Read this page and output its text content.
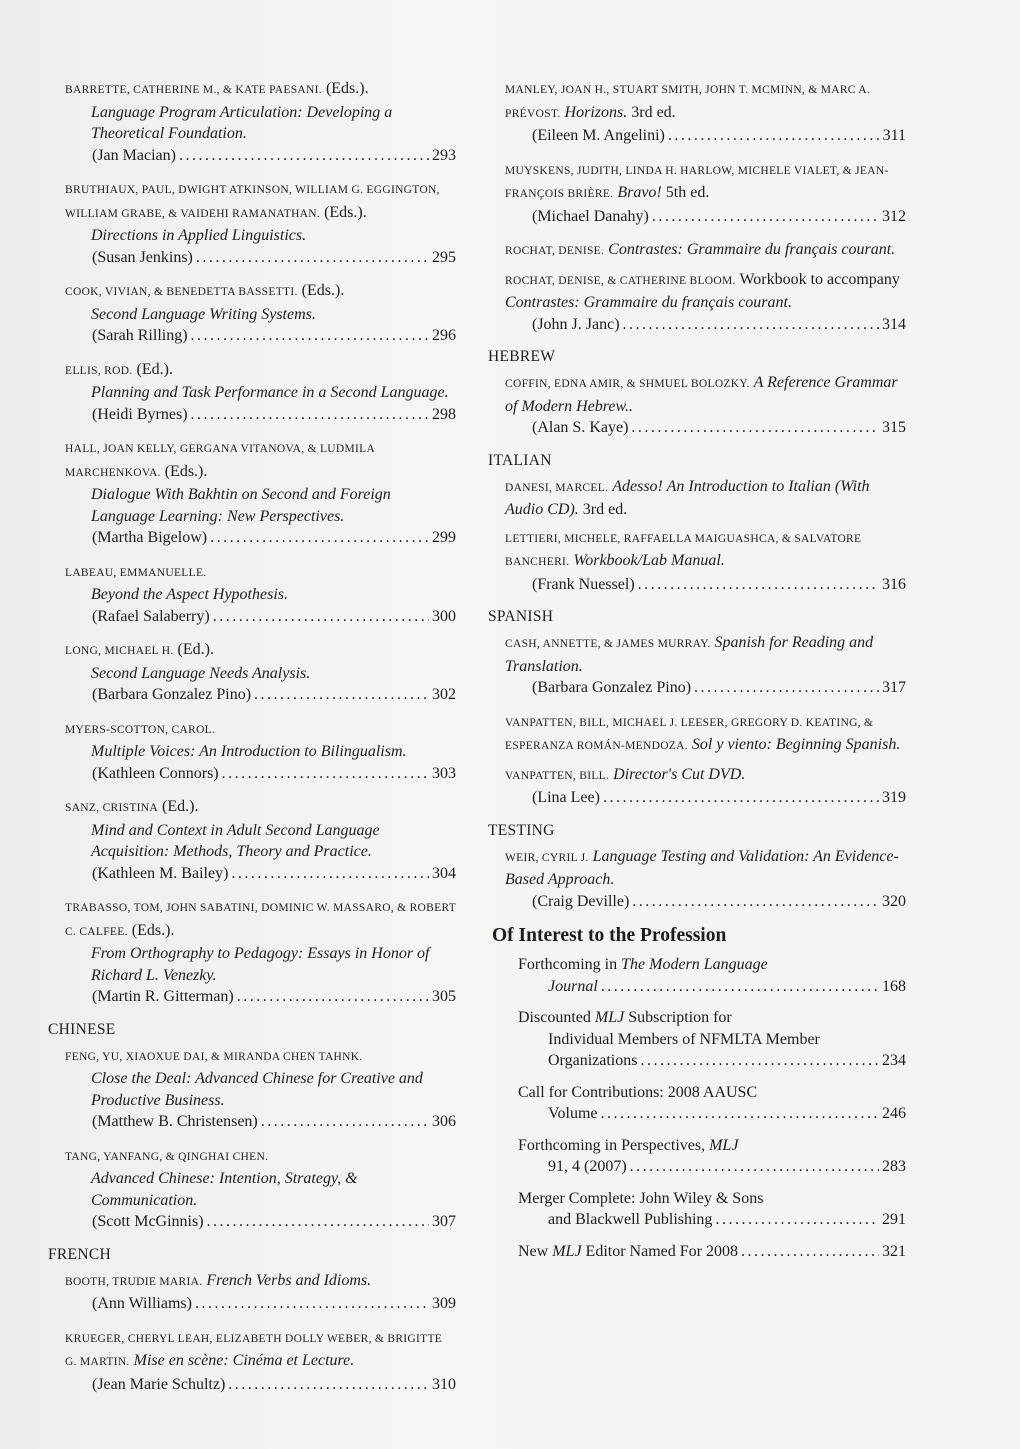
BARRETTE, CATHERINE M., & KATE PAESANI. (Eds.).
Language Program Articulation: Developing a Theoretical Foundation.
(Jan Macian) .....	293
BRUTHIAUX, PAUL, DWIGHT ATKINSON, WILLIAM G. EGGINGTON, WILLIAM GRABE, & VAIDEHI RAMANATHAN. (Eds.).
Directions in Applied Linguistics.
(Susan Jenkins) .....	295
COOK, VIVIAN, & BENEDETTA BASSETTI. (Eds.).
Second Language Writing Systems.
(Sarah Rilling) .....	296
ELLIS, ROD. (Ed.).
Planning and Task Performance in a Second Language.
(Heidi Byrnes) .....	298
HALL, JOAN KELLY, GERGANA VITANOVA, & LUDMILA MARCHENKOVA. (Eds.).
Dialogue With Bakhtin on Second and Foreign Language Learning: New Perspectives.
(Martha Bigelow) .....	299
LABEAU, EMMANUELLE.
Beyond the Aspect Hypothesis.
(Rafael Salaberry) .....	300
LONG, MICHAEL H. (Ed.).
Second Language Needs Analysis.
(Barbara Gonzalez Pino) .....	302
MYERS-SCOTTON, CAROL.
Multiple Voices: An Introduction to Bilingualism.
(Kathleen Connors) .....	303
SANZ, CRISTINA (Ed.).
Mind and Context in Adult Second Language Acquisition: Methods, Theory and Practice.
(Kathleen M. Bailey) .....	304
TRABASSO, TOM, JOHN SABATINI, DOMINIC W. MASSARO, & ROBERT C. CALFEE. (Eds.).
From Orthography to Pedagogy: Essays in Honor of Richard L. Venezky.
(Martin R. Gitterman) .....	305
CHINESE
FENG, YU, XIAOXUE DAI, & MIRANDA CHEN TAHNK.
Close the Deal: Advanced Chinese for Creative and Productive Business.
(Matthew B. Christensen) .....	306
TANG, YANFANG, & QINGHAI CHEN.
Advanced Chinese: Intention, Strategy, & Communication.
(Scott McGinnis) .....	307
FRENCH
BOOTH, TRUDIE MARIA. French Verbs and Idioms.
(Ann Williams) .....	309
KRUEGER, CHERYL LEAH, ELIZABETH DOLLY WEBER, & BRIGITTE G. MARTIN. Mise en scène: Cinéma et Lecture.
(Jean Marie Schultz) .....	310
MANLEY, JOAN H., STUART SMITH, JOHN T. MCMINN, & MARC A. PRÉVOST. Horizons. 3rd ed.
(Eileen M. Angelini) .....	311
MUYSKENS, JUDITH, LINDA H. HARLOW, MICHELE VIALET, & JEAN-FRANÇOIS BRIÈRE. Bravo! 5th ed.
(Michael Danahy) .....	312
ROCHAT, DENISE. Contrastes: Grammaire du français courant.
ROCHAT, DENISE, & CATHERINE BLOOM. Workbook to accompany Contrastes: Grammaire du français courant.
(John J. Janc) .....	314
HEBREW
COFFIN, EDNA AMIR, & SHMUEL BOLOZKY. A Reference Grammar of Modern Hebrew..
(Alan S. Kaye) .....	315
ITALIAN
DANESI, MARCEL. Adesso! An Introduction to Italian (With Audio CD). 3rd ed.
LETTIERI, MICHELE, RAFFAELLA MAIGUASHCA, & SALVATORE BANCHERI. Workbook/Lab Manual.
(Frank Nuessel) .....	316
SPANISH
CASH, ANNETTE, & JAMES MURRAY. Spanish for Reading and Translation.
(Barbara Gonzalez Pino) .....	317
VANPATTEN, BILL, MICHAEL J. LEESER, GREGORY D. KEATING, & ESPERANZA ROMÁN-MENDOZA. Sol y viento: Beginning Spanish.
VANPATTEN, BILL. Director's Cut DVD.
(Lina Lee) .....	319
TESTING
WEIR, CYRIL J. Language Testing and Validation: An Evidence-Based Approach.
(Craig Deville) .....	320
Of Interest to the Profession
Forthcoming in The Modern Language
Journal .....	168
Discounted MLJ Subscription for
Individual Members of NFMLTA Member
Organizations .....	234
Call for Contributions: 2008 AAUSC
Volume .....	246
Forthcoming in Perspectives, MLJ
91, 4 (2007) .....	283
Merger Complete: John Wiley & Sons
and Blackwell Publishing .....	291
New MLJ Editor Named For 2008 .....	321
